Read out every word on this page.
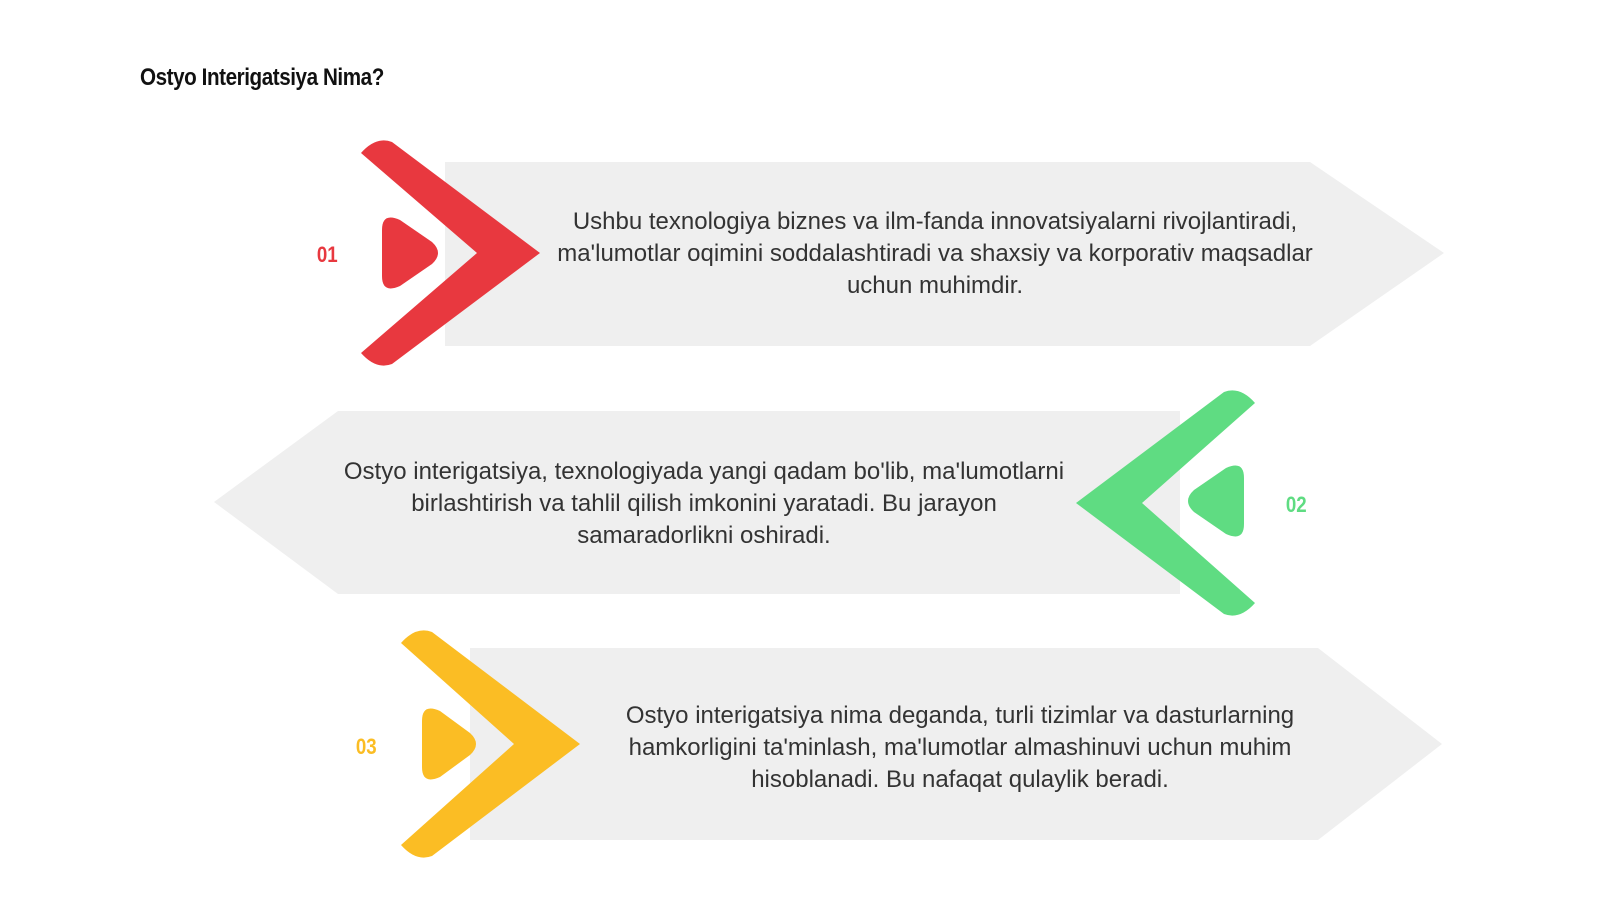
Ostyo Interigatsiya Nima?
01
02
03
Ushbu texnologiya biznes va ilm-fanda innovatsiyalarni rivojlantiradi, ma'lumotlar oqimini soddalashtiradi va shaxsiy va korporativ maqsadlar uchun muhimdir.
Ostyo interigatsiya, texnologiyada yangi qadam bo'lib, ma'lumotlarni birlashtirish va tahlil qilish imkonini yaratadi. Bu jarayon samaradorlikni oshiradi.
Ostyo interigatsiya nima deganda, turli tizimlar va dasturlarning hamkorligini ta'minlash, ma'lumotlar almashinuvi uchun muhim hisoblanadi. Bu nafaqat qulaylik beradi.
